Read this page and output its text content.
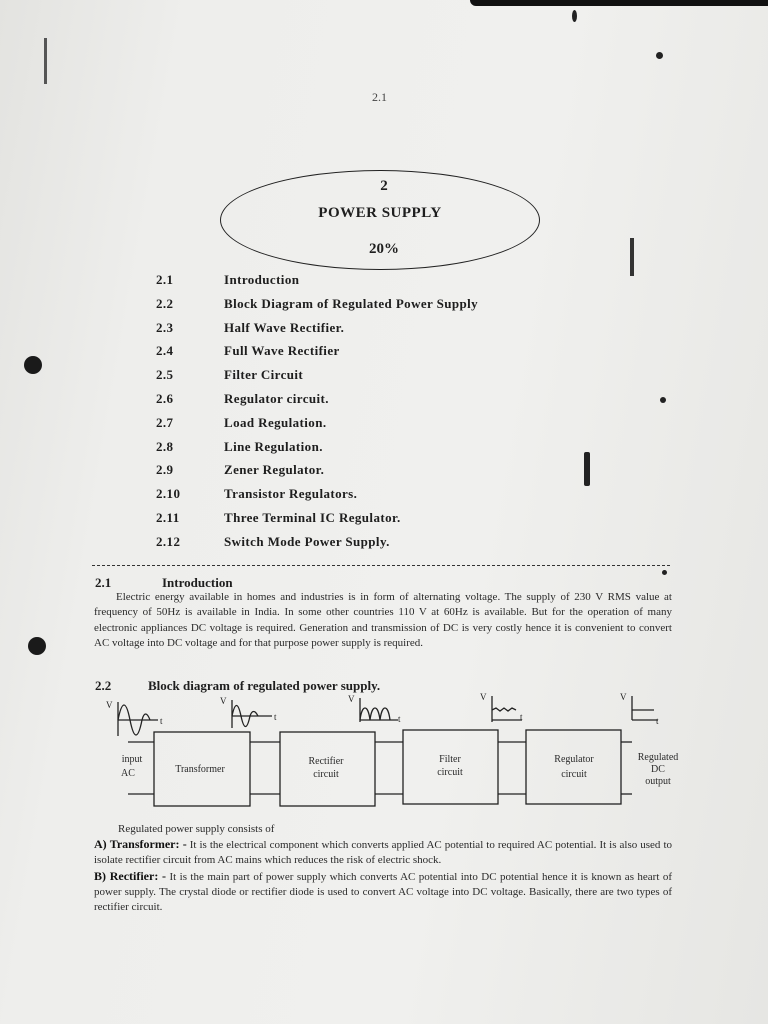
2.1
2
POWER SUPPLY
20%
2.1	Introduction
2.2	Block Diagram of Regulated Power Supply
2.3	Half Wave Rectifier.
2.4	Full Wave Rectifier
2.5	Filter Circuit
2.6	Regulator circuit.
2.7	Load Regulation.
2.8	Line Regulation.
2.9	Zener Regulator.
2.10	Transistor Regulators.
2.11	Three Terminal IC Regulator.
2.12	Switch Mode Power Supply.
2.1	Introduction
Electric energy available in homes and industries is in form of alternating voltage. The supply of 230 V RMS value at frequency of 50Hz is available in India. In some other countries 110 V at 60Hz is available. But for the operation of many electronic appliances DC voltage is required. Generation and transmission of DC is very costly hence it is convenient to convert AC voltage into DC voltage and for that purpose power supply is required.
2.2	Block diagram of regulated power supply.
V
t
V
t
V
t
V
t
V
t
input
AC	Transformer
Rectifier
circuit
Filter
circuit
Regulator
circuit
Regulated
DC
output
Regulated power supply consists of
A) Transformer: - It is the electrical component which converts applied AC potential to required AC potential. It is also used to isolate rectifier circuit from AC mains which reduces the risk of electric shock.
B) Rectifier: - It is the main part of power supply which converts AC potential into DC potential hence it is known as heart of power supply. The crystal diode or rectifier diode is used to convert AC voltage into DC voltage. Basically, there are two types of rectifier circuit.
